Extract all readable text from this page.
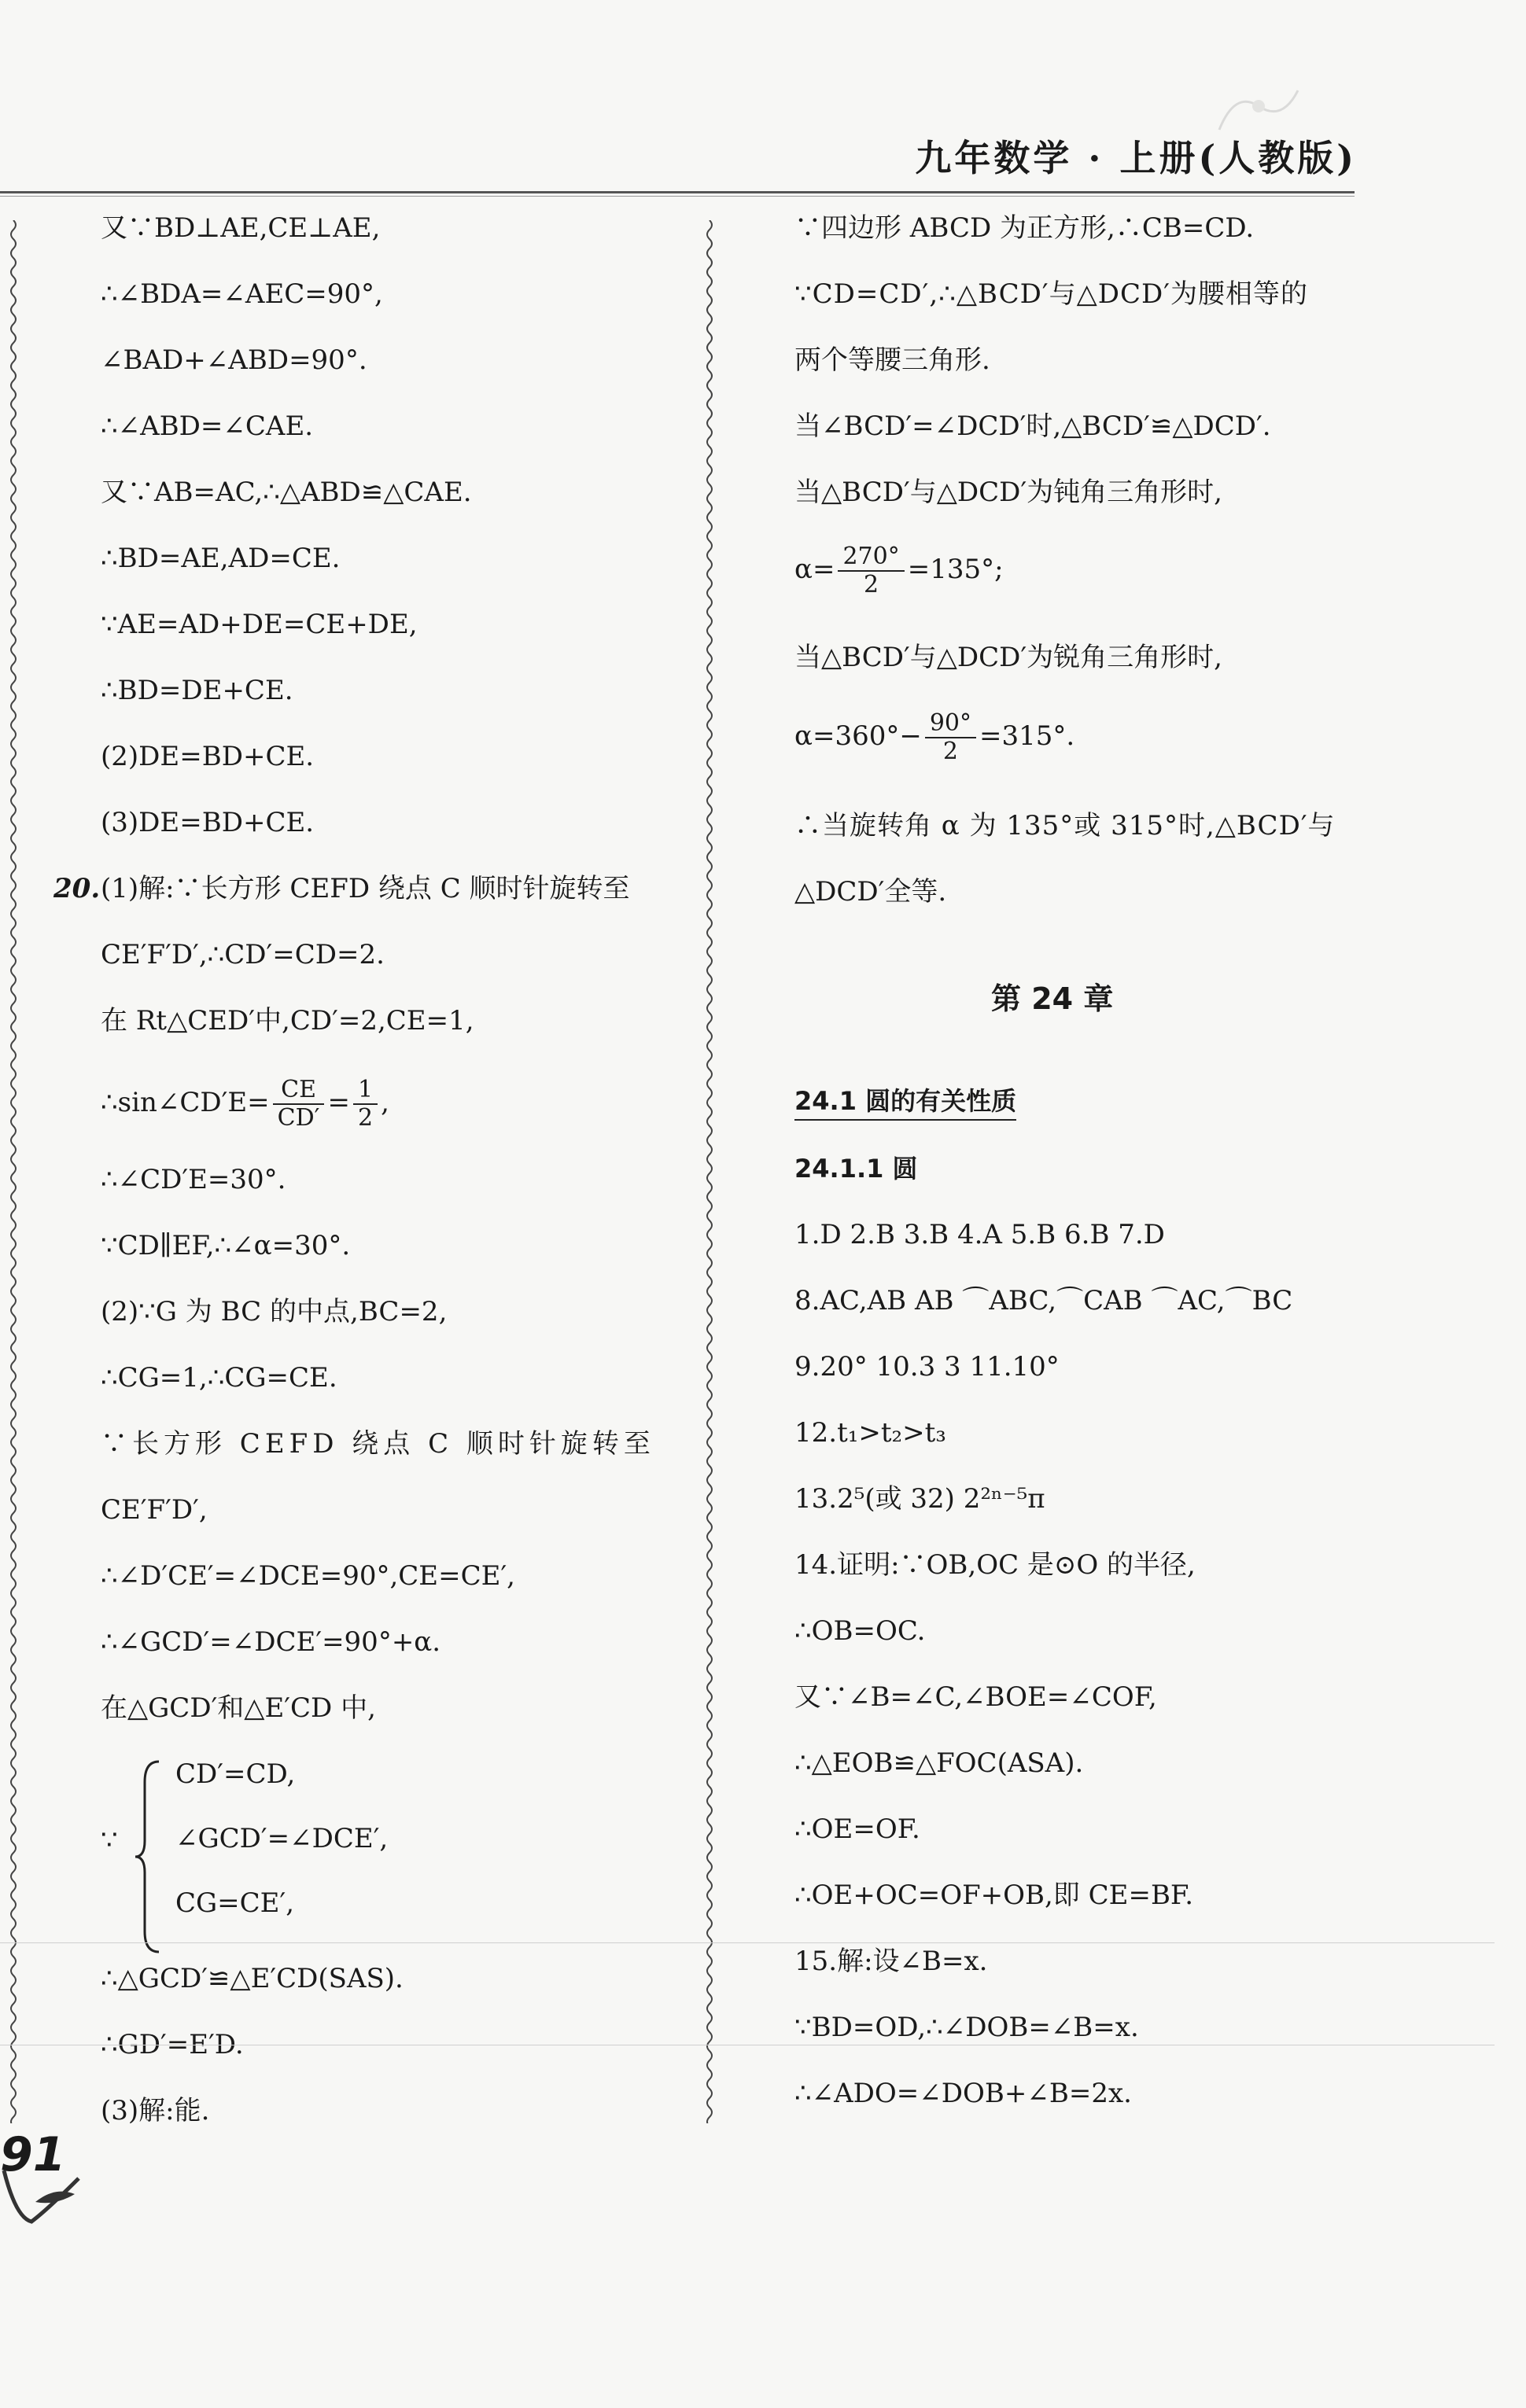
九年数学 · 上册(人教版)
又∵BD⊥AE,CE⊥AE,
∴∠BDA=∠AEC=90°,
∠BAD+∠ABD=90°.
∴∠ABD=∠CAE.
又∵AB=AC,∴△ABD≌△CAE.
∴BD=AE,AD=CE.
∵AE=AD+DE=CE+DE,
∴BD=DE+CE.
(2)DE=BD+CE.
(3)DE=BD+CE.
20. (1)解:∵长方形 CEFD 绕点 C 顺时针旋转至
CE′F′D′,∴CD′=CD=2.
在 Rt△CED′中,CD′=2,CE=1,
∴sin∠CD′E= $\frac{CE}{CD'} = \frac{1}{2}$ ,
∴∠CD′E=30°.
∵CD∥EF,∴∠α=30°.
(2)∵G 为 BC 的中点,BC=2,
∴CG=1,∴CG=CE.
∵长方形 CEFD 绕点 C 顺时针旋转至
CE′F′D′,
∴∠D′CE′=∠DCE=90°,CE=CE′,
∴∠GCD′=∠DCE′=90°+α.
在△GCD′和△E′CD 中,
∵
CD′=CD,
∠GCD′=∠DCE′,
CG=CE′,
∴△GCD′≌△E′CD(SAS).
∴GD′=E′D.
(3)解:能.
∵四边形 ABCD 为正方形,∴CB=CD.
∵CD=CD′,∴△BCD′与△DCD′为腰相等的
两个等腰三角形.
当∠BCD′=∠DCD′时,△BCD′≌△DCD′.
当△BCD′与△DCD′为钝角三角形时,
$\alpha= \frac{270^\circ}{2} =135^\circ$;
当△BCD′与△DCD′为锐角三角形时,
$\alpha=360^\circ- \frac{90^\circ}{2} =315^\circ$.
∴当旋转角 α 为 135°或 315°时,△BCD′与
△DCD′全等.
第 24 章
24.1 圆的有关性质
24.1.1 圆
1.D 2.B 3.B 4.A 5.B 6.B 7.D
8.AC,AB AB ⌒ABC,⌒CAB ⌒AC,⌒BC
9.20° 10.3 3 11.10°
12.t₁>t₂>t₃
13.2⁵(或 32) 2²ⁿ⁻⁵π
14.证明:∵OB,OC 是⊙O 的半径,
∴OB=OC.
又∵∠B=∠C,∠BOE=∠COF,
∴△EOB≌△FOC(ASA).
∴OE=OF.
∴OE+OC=OF+OB,即 CE=BF.
15.解:设∠B=x.
∵BD=OD,∴∠DOB=∠B=x.
∴∠ADO=∠DOB+∠B=2x.
91
